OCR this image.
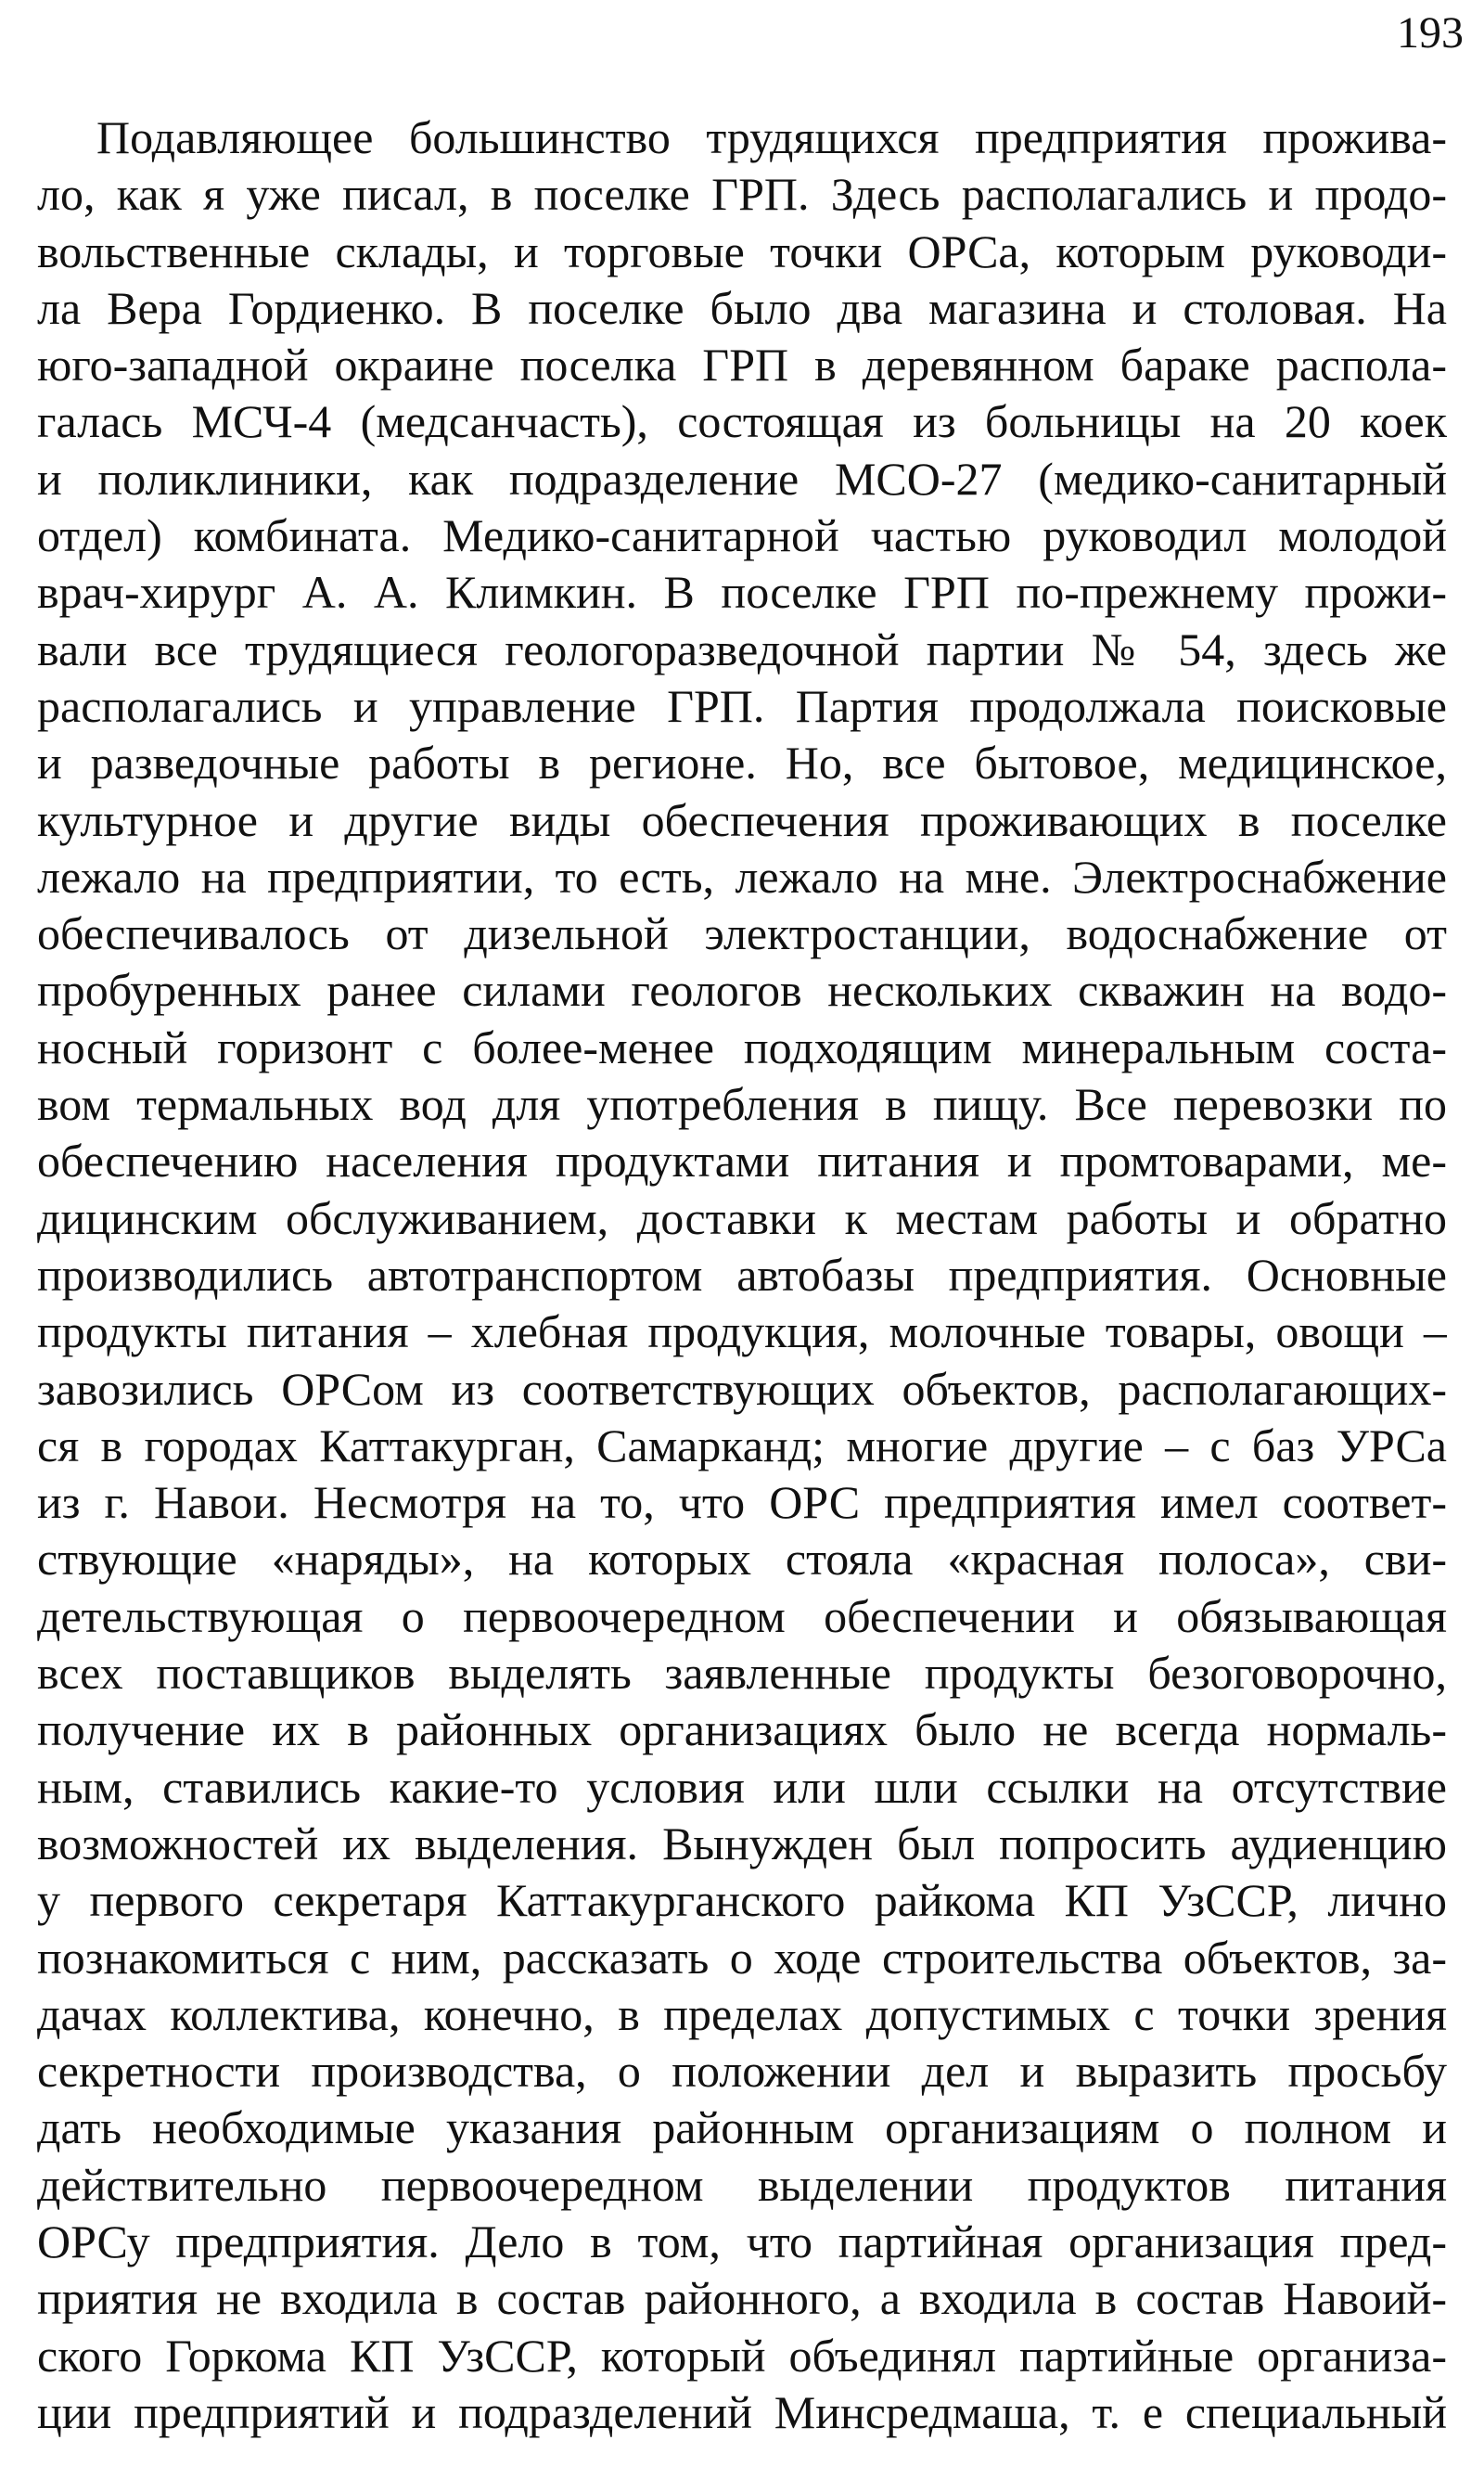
193
Подавляющее большинство трудящихся предприятия прожива-
ло, как я уже писал, в поселке ГРП. Здесь располагались и продо-
вольственные склады, и торговые точки ОРСа, которым руководи-
ла Вера Гордиенко. В поселке было два магазина и столовая. На
юго-западной окраине поселка ГРП в деревянном бараке распола-
галась МСЧ-4 (медсанчасть), состоящая из больницы на 20 коек
и поликлиники, как подразделение МСО-27 (медико-санитарный
отдел) комбината. Медико-санитарной частью руководил молодой
врач-хирург А. А. Климкин. В поселке ГРП по-прежнему прожи-
вали все трудящиеся геологоразведочной партии № 54, здесь же
располагались и управление ГРП. Партия продолжала поисковые
и разведочные работы в регионе. Но, все бытовое, медицинское,
культурное и другие виды обеспечения проживающих в поселке
лежало на предприятии, то есть, лежало на мне. Электроснабжение
обеспечивалось от дизельной электростанции, водоснабжение от
пробуренных ранее силами геологов нескольких скважин на водо-
носный горизонт с более-менее подходящим минеральным соста-
вом термальных вод для употребления в пищу. Все перевозки по
обеспечению населения продуктами питания и промтоварами, ме-
дицинским обслуживанием, доставки к местам работы и обратно
производились автотранспортом автобазы предприятия. Основные
продукты питания – хлебная продукция, молочные товары, овощи –
завозились ОРСом из соответствующих объектов, располагающих-
ся в городах Каттакурган, Самарканд; многие другие – с баз УРСа
из г. Навои. Несмотря на то, что ОРС предприятия имел соответ-
ствующие «наряды», на которых стояла «красная полоса», сви-
детельствующая о первоочередном обеспечении и обязывающая
всех поставщиков выделять заявленные продукты безоговорочно,
получение их в районных организациях было не всегда нормаль-
ным, ставились какие-то условия или шли ссылки на отсутствие
возможностей их выделения. Вынужден был попросить аудиенцию
у первого секретаря Каттакурганского райкома КП УзССР, лично
познакомиться с ним, рассказать о ходе строительства объектов, за-
дачах коллектива, конечно, в пределах допустимых с точки зрения
секретности производства, о положении дел и выразить просьбу
дать необходимые указания районным организациям о полном и
действительно первоочередном выделении продуктов питания
ОРСу предприятия. Дело в том, что партийная организация пред-
приятия не входила в состав районного, а входила в состав Навоий-
ского Горкома КП УзССР, который объединял партийные организа-
ции предприятий и подразделений Минсредмаша, т. е специальный
